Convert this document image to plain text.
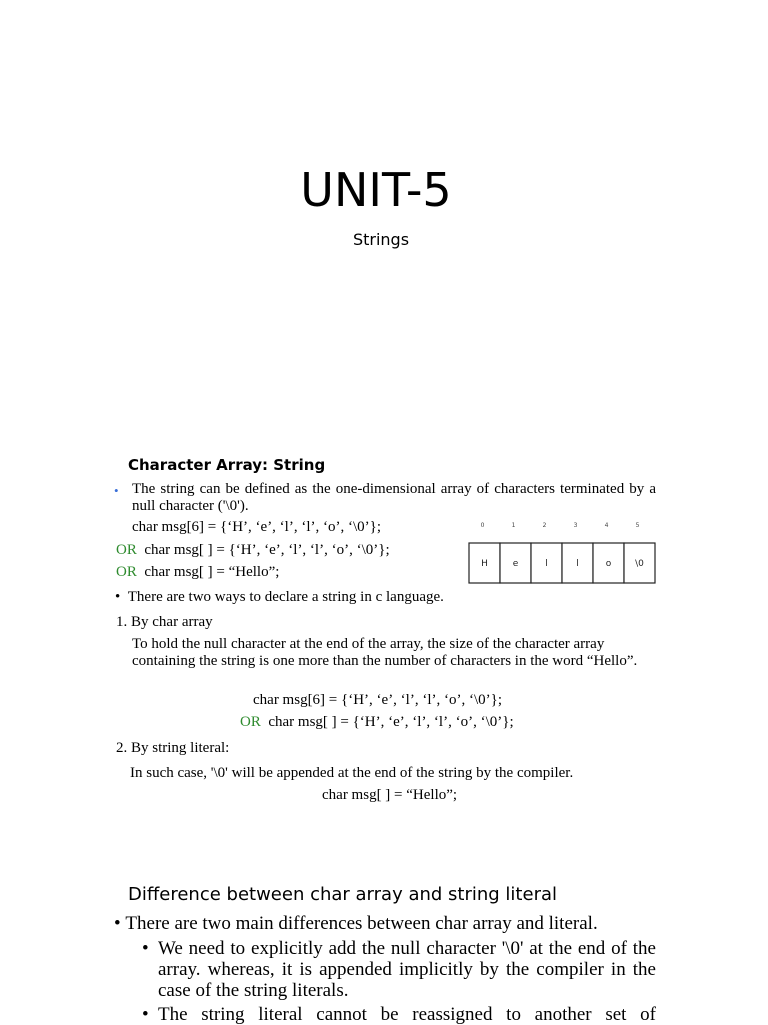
UNIT-5
Strings
Character Array: String
• The string can be defined as the one-dimensional array of characters terminated by a null character ('\0').
char msg[6] = {‘H’, ‘e’, ‘l’, ‘l’, ‘o’, ‘\0’};
OR char msg[ ] = {‘H’, ‘e’, ‘l’, ‘l’, ‘o’, ‘\0’};
OR char msg[ ] = “Hello”;
0	1	2	3	4	5
H	e	l	l	o	\0
• There are two ways to declare a string in c language.
1. By char array
To hold the null character at the end of the array, the size of the character array containing the string is one more than the number of characters in the word “Hello”.
char msg[6] = {‘H’, ‘e’, ‘l’, ‘l’, ‘o’, ‘\0’};
OR char msg[ ] = {‘H’, ‘e’, ‘l’, ‘l’, ‘o’, ‘\0’};
2. By string literal:
In such case, '\0' will be appended at the end of the string by the compiler.
char msg[ ] = “Hello”;
Difference between char array and string literal
• There are two main differences between char array and literal.
• We need to explicitly add the null character '\0' at the end of the array. whereas, it is appended implicitly by the compiler in the case of the string literals.
• The string literal cannot be reassigned to another set of
